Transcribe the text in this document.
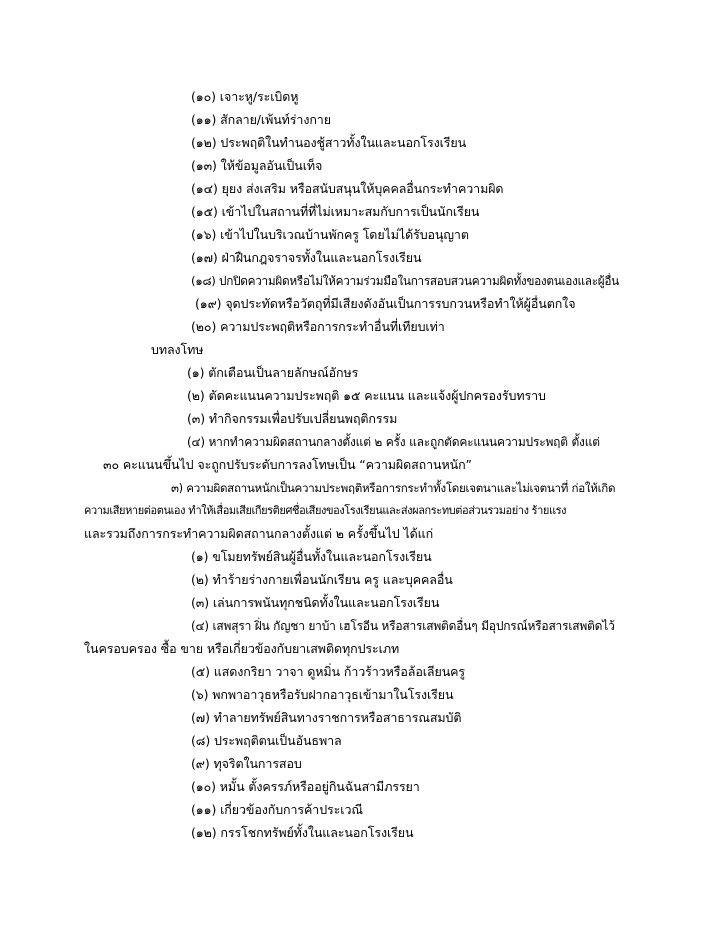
(๑๐) เจาะหู/ระเบิดหู
(๑๑) สักลาย/เพ้นท์ร่างกาย
(๑๒) ประพฤติในทำนองชู้สาวทั้งในและนอกโรงเรียน
(๑๓) ให้ข้อมูลอันเป็นเท็จ
(๑๔) ยุยง ส่งเสริม หรือสนับสนุนให้บุคคลอื่นกระทำความผิด
(๑๕) เข้าไปในสถานที่ที่ไม่เหมาะสมกับการเป็นนักเรียน
(๑๖) เข้าไปในบริเวณบ้านพักครู โดยไม่ได้รับอนุญาต
(๑๗) ฝ่าฝืนกฎจราจรทั้งในและนอกโรงเรียน
(๑๘) ปกปิดความผิดหรือไม่ให้ความร่วมมือในการสอบสวนความผิดทั้งของตนเองและผู้อื่น
(๑๙) จุดประทัดหรือวัตถุที่มีเสียงดังอันเป็นการรบกวนหรือทำให้ผู้อื่นตกใจ
(๒๐) ความประพฤติหรือการกระทำอื่นที่เทียบเท่า
บทลงโทษ
(๑) ตักเตือนเป็นลายลักษณ์อักษร
(๒) ตัดคะแนนความประพฤติ ๑๕ คะแนน และแจ้งผู้ปกครองรับทราบ
(๓) ทำกิจกรรมเพื่อปรับเปลี่ยนพฤติกรรม
(๔) หากทำความผิดสถานกลางตั้งแต่ ๒ ครั้ง และถูกตัดคะแนนความประพฤติ ตั้งแต่
๓๐ คะแนนขึ้นไป จะถูกปรับระดับการลงโทษเป็น “ความผิดสถานหนัก”
๓) ความผิดสถานหนักเป็นความประพฤติหรือการกระทำทั้งโดยเจตนาและไม่เจตนาที่ ก่อให้เกิด
ความเสียหายต่อตนเอง ทำให้เสื่อมเสียเกียรติยศชื่อเสียงของโรงเรียนและส่งผลกระทบต่อส่วนรวมอย่าง ร้ายแรง
และรวมถึงการกระทำความผิดสถานกลางตั้งแต่ ๒ ครั้งขึ้นไป ได้แก่
(๑) ขโมยทรัพย์สินผู้อื่นทั้งในและนอกโรงเรียน
(๒) ทำร้ายร่างกายเพื่อนนักเรียน ครู และบุคคลอื่น
(๓) เล่นการพนันทุกชนิดทั้งในและนอกโรงเรียน
(๔) เสพสุรา ฝิ่น กัญชา ยาบ้า เฮโรอีน หรือสารเสพติดอื่นๆ มีอุปกรณ์หรือสารเสพติดไว้
ในครอบครอง ซื้อ ขาย หรือเกี่ยวข้องกับยาเสพติดทุกประเภท
(๕) แสดงกริยา วาจา ดูหมิ่น ก้าวร้าวหรือล้อเลียนครู
(๖) พกพาอาวุธหรือรับฝากอาวุธเข้ามาในโรงเรียน
(๗) ทำลายทรัพย์สินทางราชการหรือสาธารณสมบัติ
(๘) ประพฤติตนเป็นอันธพาล
(๙) ทุจริตในการสอบ
(๑๐) หมั้น ตั้งครรภ์หรืออยู่กินฉันสามีภรรยา
(๑๑) เกี่ยวข้องกับการค้าประเวณี
(๑๒) กรรโชกทรัพย์ทั้งในและนอกโรงเรียน
